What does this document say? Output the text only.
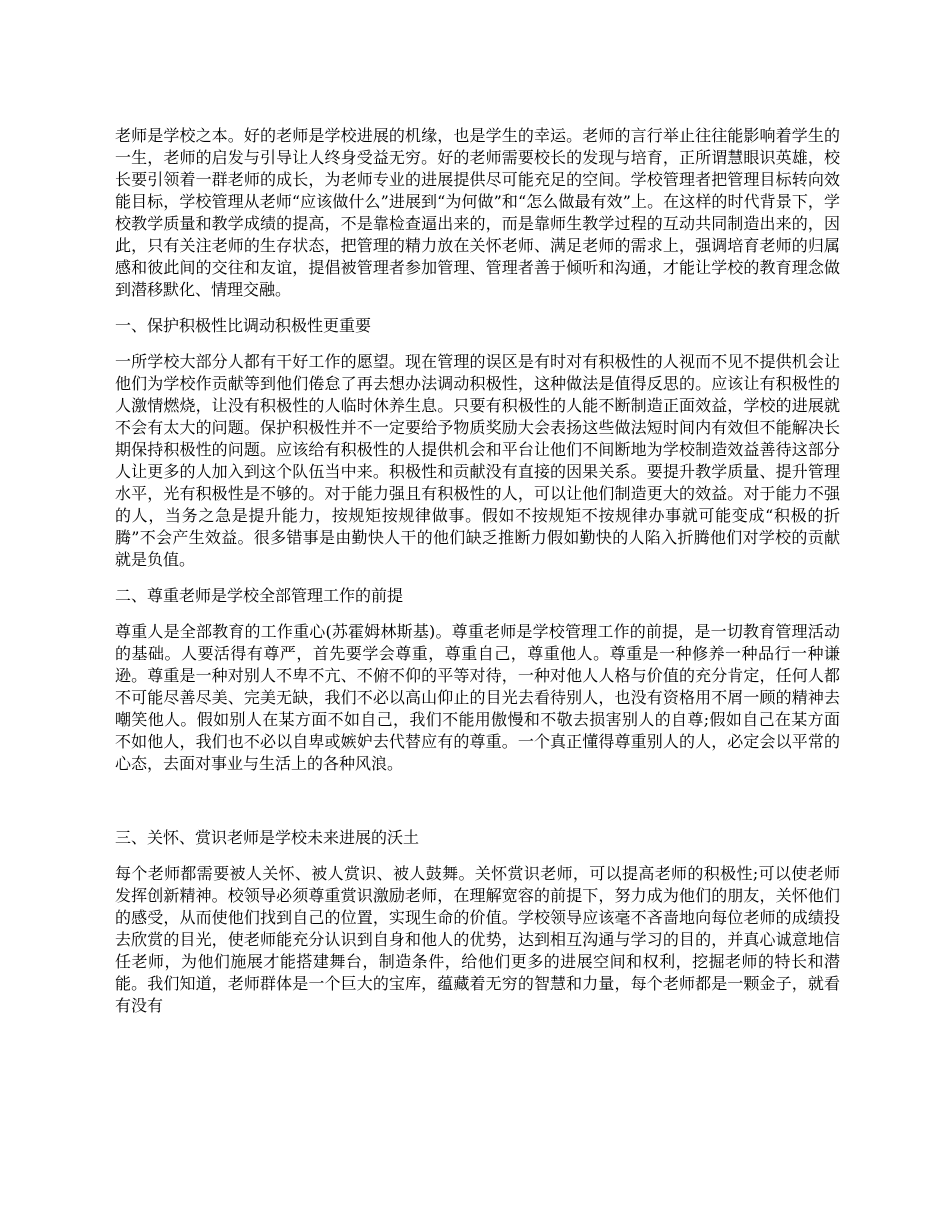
老师是学校之本。好的老师是学校进展的机缘，也是学生的幸运。老师的言行举止往往能影响着学生的一生，老师的启发与引导让人终身受益无穷。好的老师需要校长的发现与培育，正所谓慧眼识英雄，校长要引领着一群老师的成长，为老师专业的进展提供尽可能充足的空间。学校管理者把管理目标转向效能目标，学校管理从老师“应该做什么”进展到“为何做”和“怎么做最有效”上。在这样的时代背景下，学校教学质量和教学成绩的提高，不是靠检查逼出来的，而是靠师生教学过程的互动共同制造出来的，因此，只有关注老师的生存状态，把管理的精力放在关怀老师、满足老师的需求上，强调培育老师的归属感和彼此间的交往和友谊，提倡被管理者参加管理、管理者善于倾听和沟通，才能让学校的教育理念做到潜移默化、情理交融。

一、保护积极性比调动积极性更重要

一所学校大部分人都有干好工作的愿望。现在管理的误区是有时对有积极性的人视而不见不提供机会让他们为学校作贡献等到他们倦怠了再去想办法调动积极性，这种做法是值得反思的。应该让有积极性的人激情燃烧，让没有积极性的人临时休养生息。只要有积极性的人能不断制造正面效益，学校的进展就不会有太大的问题。保护积极性并不一定要给予物质奖励大会表扬这些做法短时间内有效但不能解决长期保持积极性的问题。应该给有积极性的人提供机会和平台让他们不间断地为学校制造效益善待这部分人让更多的人加入到这个队伍当中来。积极性和贡献没有直接的因果关系。要提升教学质量、提升管理水平，光有积极性是不够的。对于能力强且有积极性的人，可以让他们制造更大的效益。对于能力不强的人，当务之急是提升能力，按规矩按规律做事。假如不按规矩不按规律办事就可能变成“积极的折腾”不会产生效益。很多错事是由勤快人干的他们缺乏推断力假如勤快的人陷入折腾他们对学校的贡献就是负值。

二、尊重老师是学校全部管理工作的前提

尊重人是全部教育的工作重心(苏霍姆林斯基)。尊重老师是学校管理工作的前提，是一切教育管理活动的基础。人要活得有尊严，首先要学会尊重，尊重自己，尊重他人。尊重是一种修养一种品行一种谦逊。尊重是一种对别人不卑不亢、不俯不仰的平等对待，一种对他人人格与价值的充分肯定，任何人都不可能尽善尽美、完美无缺，我们不必以高山仰止的目光去看待别人，也没有资格用不屑一顾的精神去嘲笑他人。假如别人在某方面不如自己，我们不能用傲慢和不敬去损害别人的自尊;假如自己在某方面不如他人，我们也不必以自卑或嫉妒去代替应有的尊重。一个真正懂得尊重别人的人，必定会以平常的心态，去面对事业与生活上的各种风浪。

三、关怀、赏识老师是学校未来进展的沃土

每个老师都需要被人关怀、被人赏识、被人鼓舞。关怀赏识老师，可以提高老师的积极性;可以使老师发挥创新精神。校领导必须尊重赏识激励老师，在理解宽容的前提下，努力成为他们的朋友，关怀他们的感受，从而使他们找到自己的位置，实现生命的价值。学校领导应该毫不吝啬地向每位老师的成绩投去欣赏的目光，使老师能充分认识到自身和他人的优势，达到相互沟通与学习的目的，并真心诚意地信任老师，为他们施展才能搭建舞台，制造条件，给他们更多的进展空间和权利，挖掘老师的特长和潜能。我们知道，老师群体是一个巨大的宝库，蕴藏着无穷的智慧和力量，每个老师都是一颗金子，就看有没有
